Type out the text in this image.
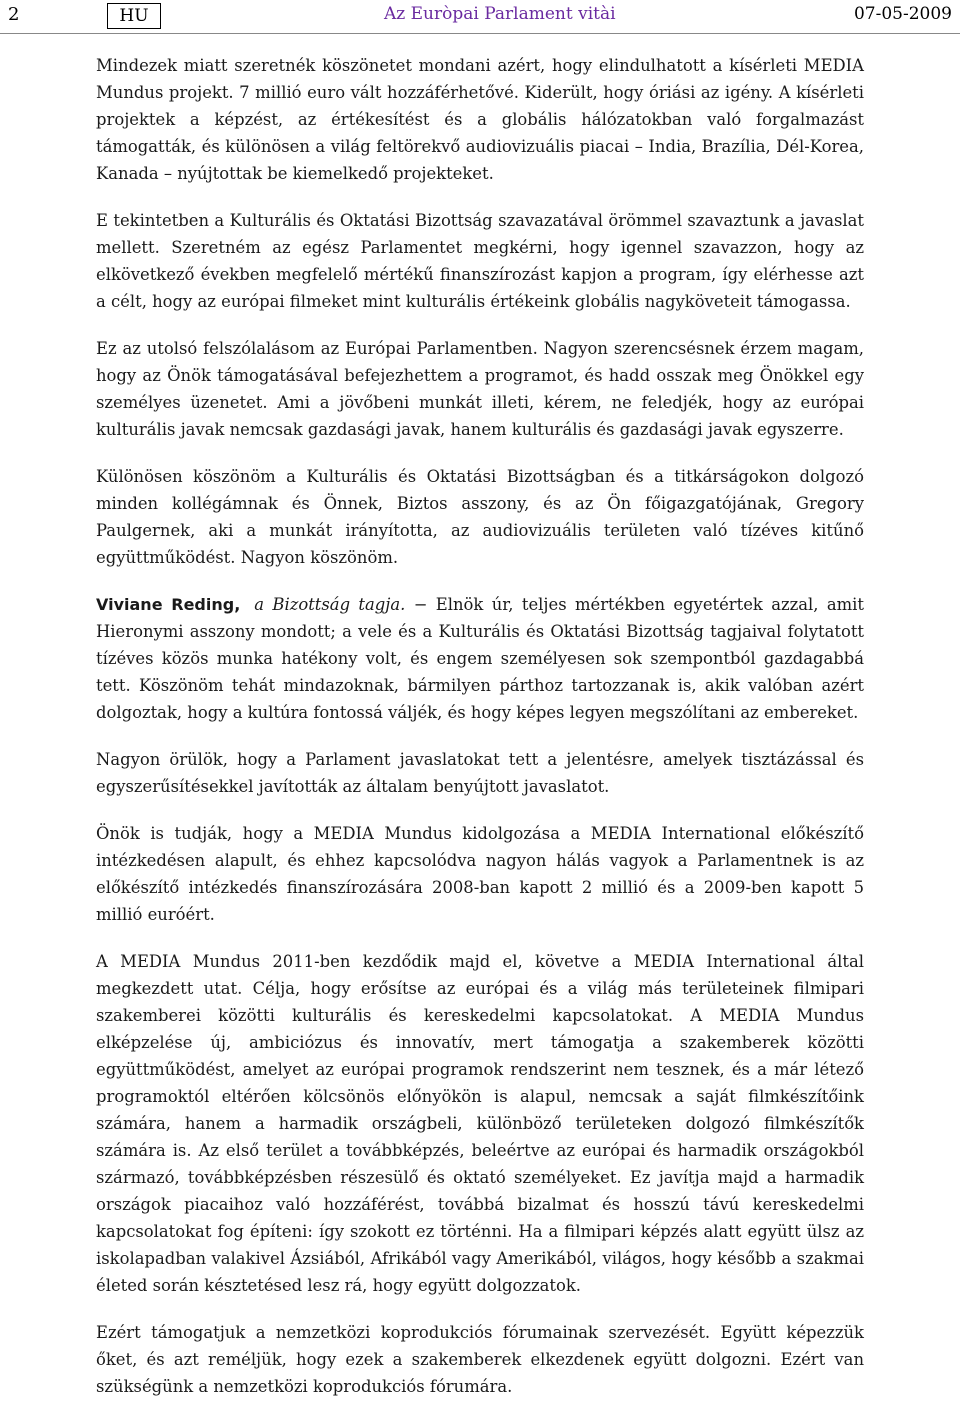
2	HU	Az Euròpai Parlament vitài	07-05-2009

Mindezek miatt szeretnék köszönetet mondani azért, hogy elindulhatott a kísérleti MEDIA Mundus projekt. 7 millió euro vált hozzáférhetővé. Kiderült, hogy óriási az igény. A kísérleti projektek a képzést, az értékesítést és a globális hálózatokban való forgalmazást támogatták, és különösen a világ feltörekvő audiovizuális piacai – India, Brazília, Dél-Korea, Kanada – nyújtottak be kiemelkedő projekteket.

E tekintetben a Kulturális és Oktatási Bizottság szavazatával örömmel szavaztunk a javaslat mellett. Szeretném az egész Parlamentet megkérni, hogy igennel szavazzon, hogy az elkövetkező években megfelelő mértékű finanszírozást kapjon a program, így elérhesse azt a célt, hogy az európai filmeket mint kulturális értékeink globális nagyköveteit támogassa.

Ez az utolsó felszólalásom az Európai Parlamentben. Nagyon szerencsésnek érzem magam, hogy az Önök támogatásával befejezhettem a programot, és hadd osszak meg Önökkel egy személyes üzenetet. Ami a jövőbeni munkát illeti, kérem, ne feledjék, hogy az európai kulturális javak nemcsak gazdasági javak, hanem kulturális és gazdasági javak egyszerre.

Különösen köszönöm a Kulturális és Oktatási Bizottságban és a titkárságokon dolgozó minden kollégámnak és Önnek, Biztos asszony, és az Ön főigazgatójának, Gregory Paulgernek, aki a munkát irányította, az audiovizuális területen való tízéves kitűnő együttműködést. Nagyon köszönöm.

Viviane Reding, a Bizottság tagja. − Elnök úr, teljes mértékben egyetértek azzal, amit Hieronymi asszony mondott; a vele és a Kulturális és Oktatási Bizottság tagjaival folytatott tízéves közös munka hatékony volt, és engem személyesen sok szempontból gazdagabbá tett. Köszönöm tehát mindazoknak, bármilyen párthoz tartozzanak is, akik valóban azért dolgoztak, hogy a kultúra fontossá váljék, és hogy képes legyen megszólítani az embereket.

Nagyon örülök, hogy a Parlament javaslatokat tett a jelentésre, amelyek tisztázással és egyszerűsítésekkel javították az általam benyújtott javaslatot.

Önök is tudják, hogy a MEDIA Mundus kidolgozása a MEDIA International előkészítő intézkedésen alapult, és ehhez kapcsolódva nagyon hálás vagyok a Parlamentnek is az előkészítő intézkedés finanszírozására 2008-ban kapott 2 millió és a 2009-ben kapott 5 millió euróért.

A MEDIA Mundus 2011-ben kezdődik majd el, követve a MEDIA International által megkezdett utat. Célja, hogy erősítse az európai és a világ más területeinek filmipari szakemberei közötti kulturális és kereskedelmi kapcsolatokat. A MEDIA Mundus elképzelése új, ambiciózus és innovatív, mert támogatja a szakemberek közötti együttműködést, amelyet az európai programok rendszerint nem tesznek, és a már létező programoktól eltérően kölcsönös előnyökön is alapul, nemcsak a saját filmkészítőink számára, hanem a harmadik országbeli, különböző területeken dolgozó filmkészítők számára is. Az első terület a továbbképzés, beleértve az európai és harmadik országokból származó, továbbképzésben részesülő és oktató személyeket. Ez javítja majd a harmadik országok piacaihoz való hozzáférést, továbbá bizalmat és hosszú távú kereskedelmi kapcsolatokat fog építeni: így szokott ez történni. Ha a filmipari képzés alatt együtt ülsz az iskolapadban valakivel Ázsiából, Afrikából vagy Amerikából, világos, hogy később a szakmai életed során késztetésed lesz rá, hogy együtt dolgozzatok.

Ezért támogatjuk a nemzetközi koprodukciós fórumainak szervezését. Együtt képezzük őket, és azt reméljük, hogy ezek a szakemberek elkezdenek együtt dolgozni. Ezért van szükségünk a nemzetközi koprodukciós fórumára.
